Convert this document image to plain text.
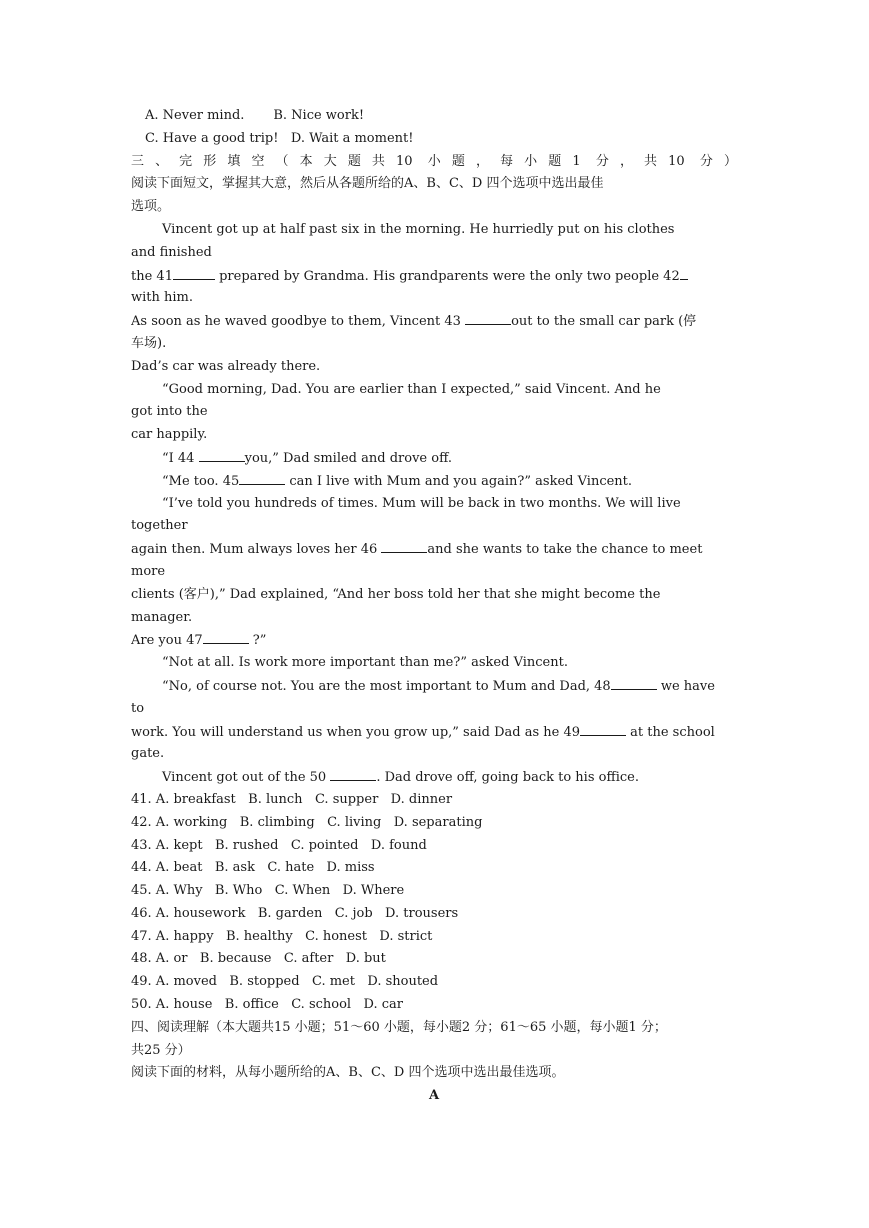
A. Never mind.       B. Nice work!
C. Have a good trip!   D. Wait a moment!
三、完形填空（本大题共10 小题，每小题1 分，共10 分）
阅读下面短文，掌握其大意，然后从各题所给的A、B、C、D 四个选项中选出最佳
选项。
Vincent got up at half past six in the morning. He hurriedly put on his clothes
and finished
the 41	prepared by Grandma. His grandparents were the only two people 42
with him.
As soon as he waved goodbye to them, Vincent 43	out to the small car park (停
车场).
Dad’s car was already there.
“Good morning, Dad. You are earlier than I expected,” said Vincent. And he
got into the
car happily.
“I 44	you,” Dad smiled and drove off.
“Me too. 45	can I live with Mum and you again?” asked Vincent.
“I’ve told you hundreds of times. Mum will be back in two months. We will live
together
again then. Mum always loves her 46	and she wants to take the chance to meet
more
clients (客户),” Dad explained, “And her boss told her that she might become the
manager.
Are you 47	?”
“Not at all. Is work more important than me?” asked Vincent.
“No, of course not. You are the most important to Mum and Dad, 48	we have
to
work. You will understand us when you grow up,” said Dad as he 49	at the school
gate.
Vincent got out of the 50	. Dad drove off, going back to his office.
41. A. breakfast   B. lunch   C. supper   D. dinner
42. A. working   B. climbing   C. living   D. separating
43. A. kept   B. rushed   C. pointed   D. found
44. A. beat   B. ask   C. hate   D. miss
45. A. Why   B. Who   C. When   D. Where
46. A. housework   B. garden   C. job   D. trousers
47. A. happy   B. healthy   C. honest   D. strict
48. A. or   B. because   C. after   D. but
49. A. moved   B. stopped   C. met   D. shouted
50. A. house   B. office   C. school   D. car
四、阅读理解（本大题共15 小题；51～60 小题，每小题2 分；61～65 小题，每小题1 分；
共25 分）
阅读下面的材料，从每小题所给的A、B、C、D 四个选项中选出最佳选项。
A
